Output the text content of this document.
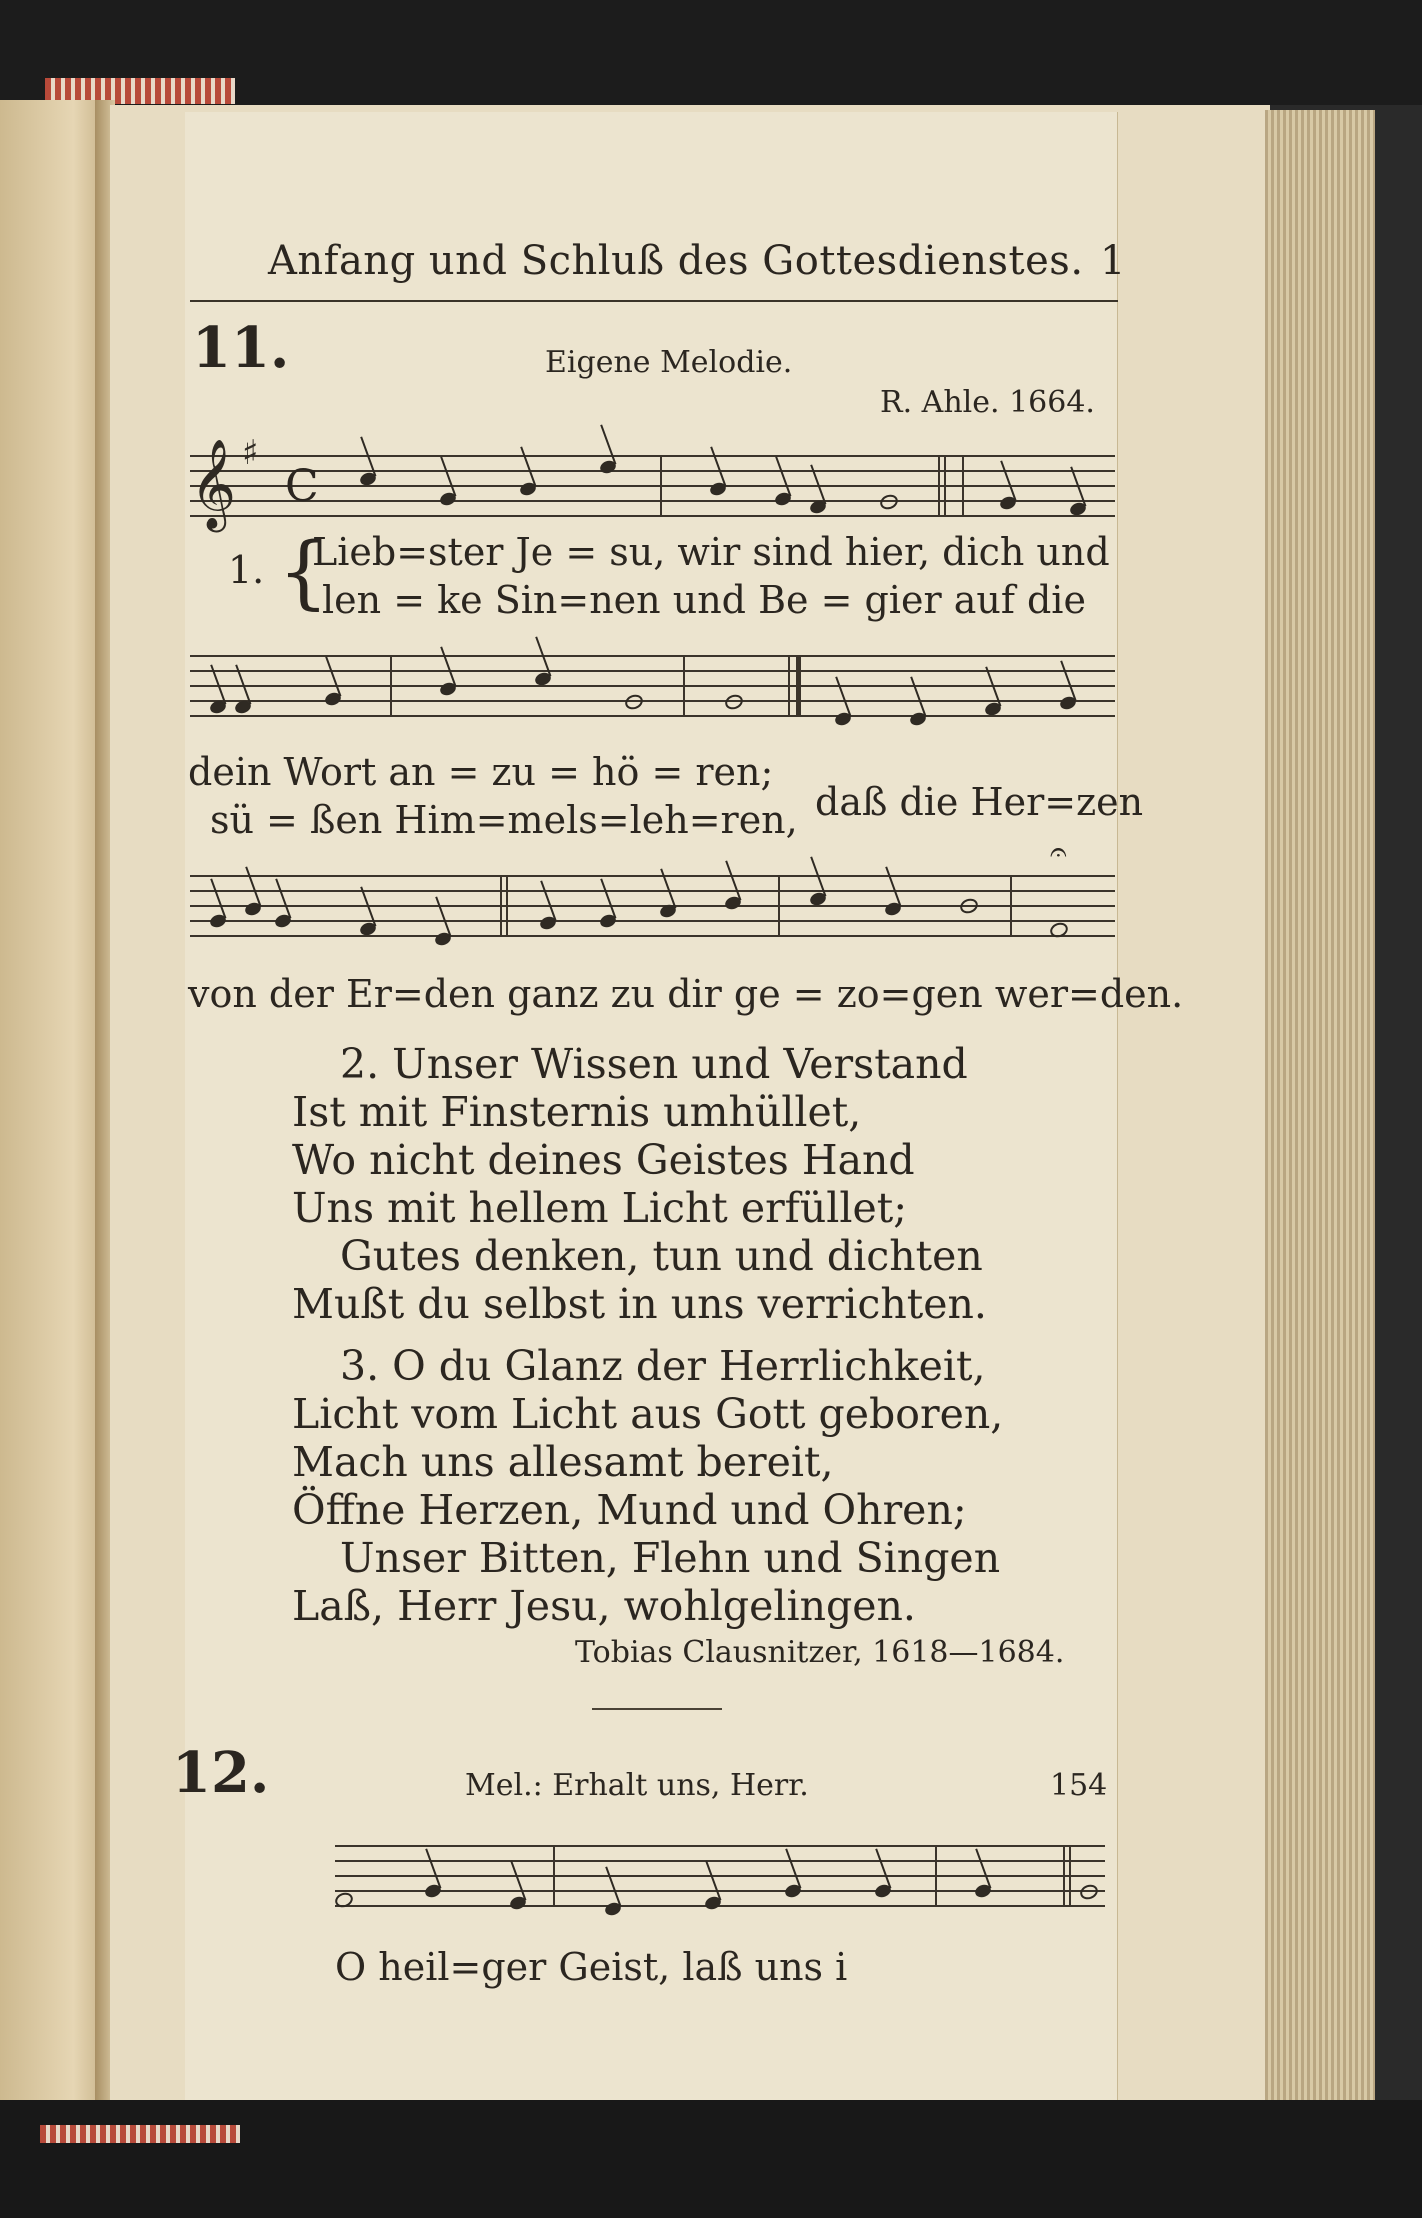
Anfang und Schluß des Gottesdienstes. 1
11.	Eigene Melodie.
R. Ahle. 1664.
𝄞 ♯
C
1. {
Lieb=ster Je = su, wir sind hier, dich und
len = ke Sin=nen und Be = gier auf die
dein Wort an = zu = hö = ren;
sü = ßen Him=mels=leh=ren, daß die Her=zen
𝄐
von der Er=den ganz zu dir ge = zo=gen wer=den.
2. Unser Wissen und Verstand
Ist mit Finsternis umhüllet,
Wo nicht deines Geistes Hand
Uns mit hellem Licht erfüllet;
Gutes denken, tun und dichten
Mußt du selbst in uns verrichten.
3. O du Glanz der Herrlichkeit,
Licht vom Licht aus Gott geboren,
Mach uns allesamt bereit,
Öffne Herzen, Mund und Ohren;
Unser Bitten, Flehn und Singen
Laß, Herr Jesu, wohlgelingen.
Tobias Clausnitzer, 1618—1684.
12.	Mel.: Erhalt uns, Herr.	154
O heil=ger Geist, laß uns i
